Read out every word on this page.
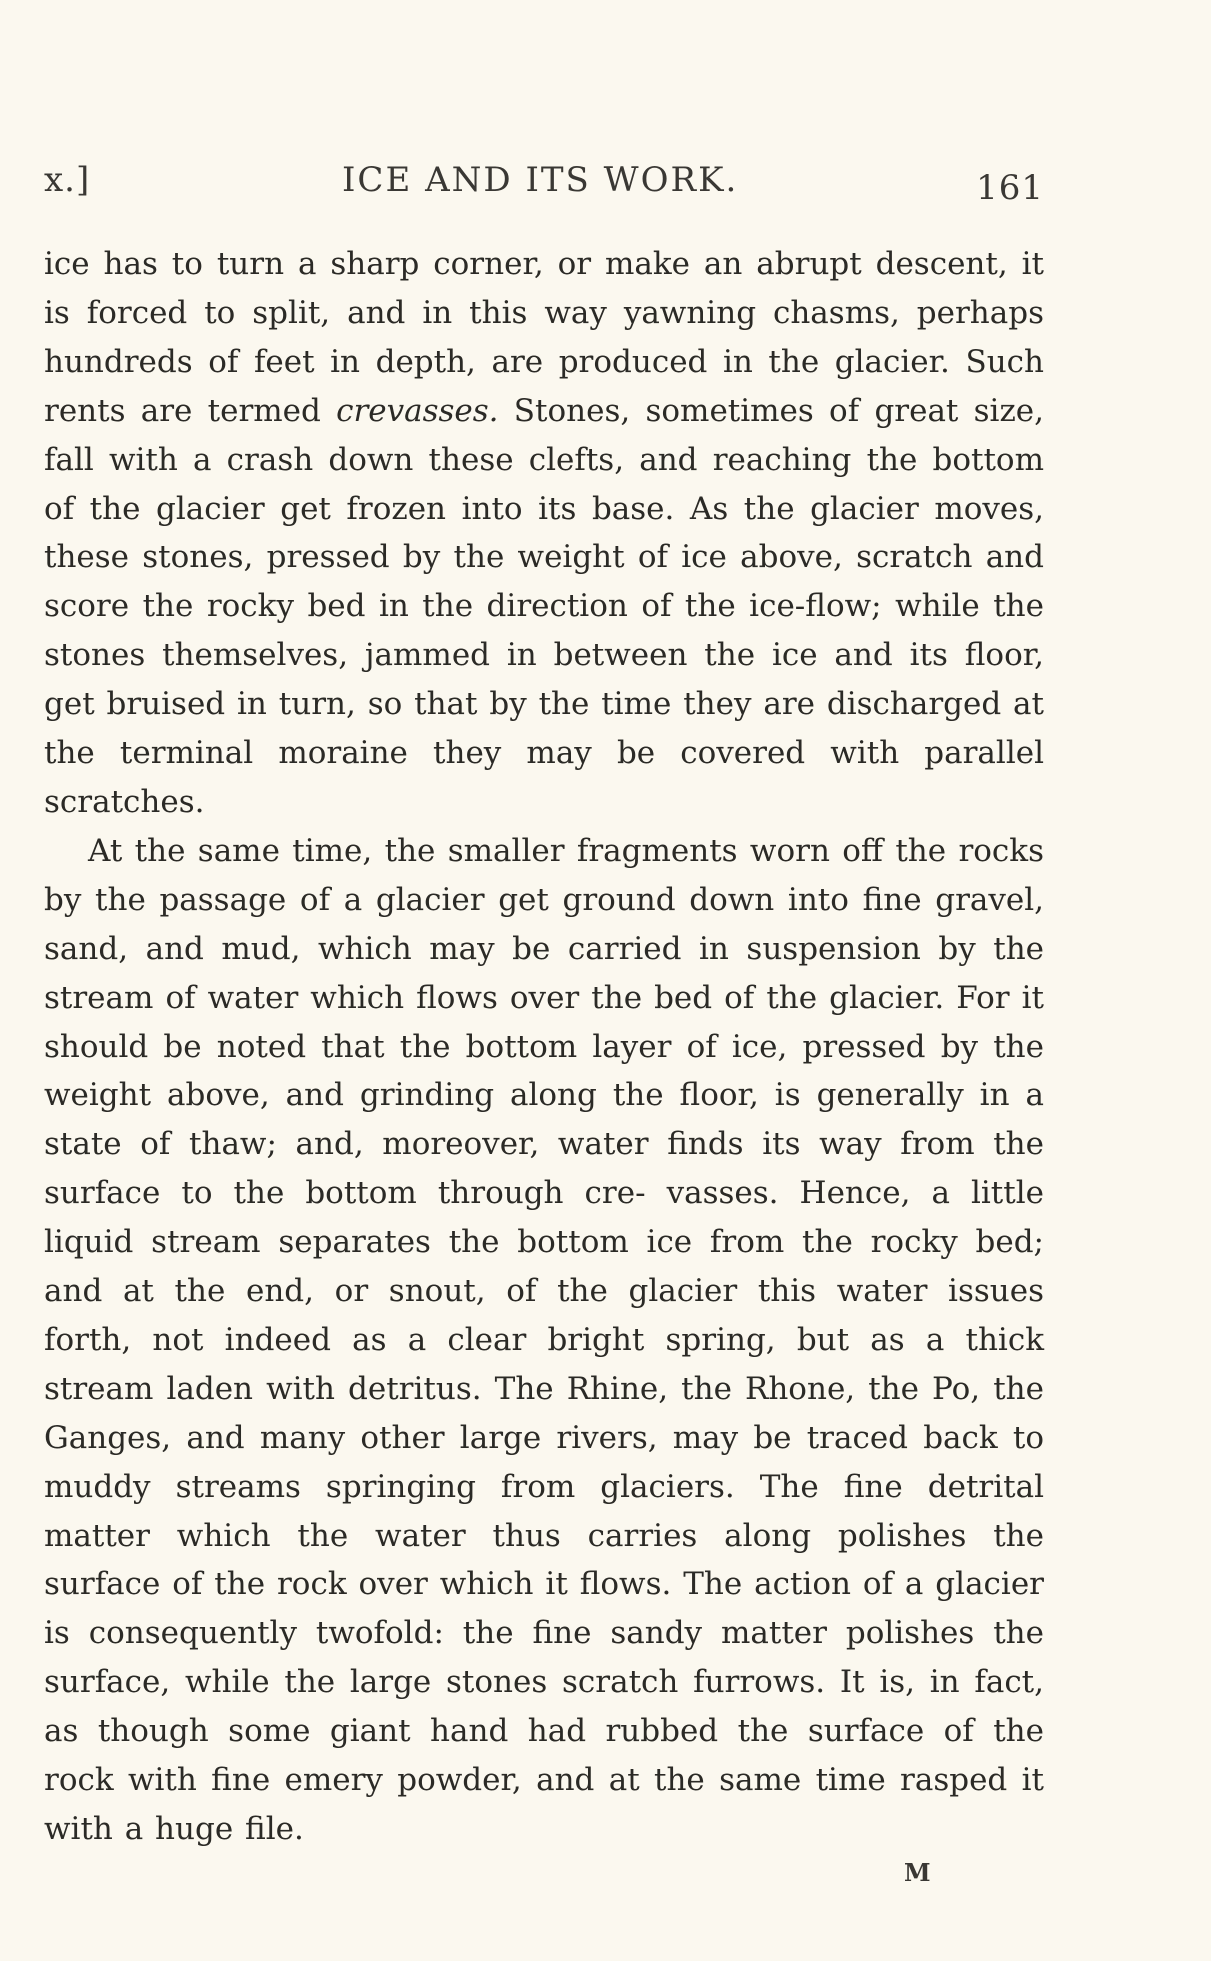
x.]	ICE AND ITS WORK.	161

ice has to turn a sharp corner, or make an abrupt descent, it is forced to split, and in this way yawning chasms, perhaps hundreds of feet in depth, are produced in the glacier. Such rents are termed crevasses. Stones, sometimes of great size, fall with a crash down these clefts, and reaching the bottom of the glacier get frozen into its base. As the glacier moves, these stones, pressed by the weight of ice above, scratch and score the rocky bed in the direction of the ice-flow; while the stones themselves, jammed in between the ice and its floor, get bruised in turn, so that by the time they are discharged at the terminal moraine they may be covered with parallel scratches.

At the same time, the smaller fragments worn off the rocks by the passage of a glacier get ground down into fine gravel, sand, and mud, which may be carried in suspension by the stream of water which flows over the bed of the glacier. For it should be noted that the bottom layer of ice, pressed by the weight above, and grinding along the floor, is generally in a state of thaw; and, moreover, water finds its way from the surface to the bottom through cre- vasses. Hence, a little liquid stream separates the bottom ice from the rocky bed; and at the end, or snout, of the glacier this water issues forth, not indeed as a clear bright spring, but as a thick stream laden with detritus. The Rhine, the Rhone, the Po, the Ganges, and many other large rivers, may be traced back to muddy streams springing from glaciers. The fine detrital matter which the water thus carries along polishes the surface of the rock over which it flows. The action of a glacier is consequently twofold: the fine sandy matter polishes the surface, while the large stones scratch furrows. It is, in fact, as though some giant hand had rubbed the surface of the rock with fine emery powder, and at the same time rasped it with a huge file.

M
